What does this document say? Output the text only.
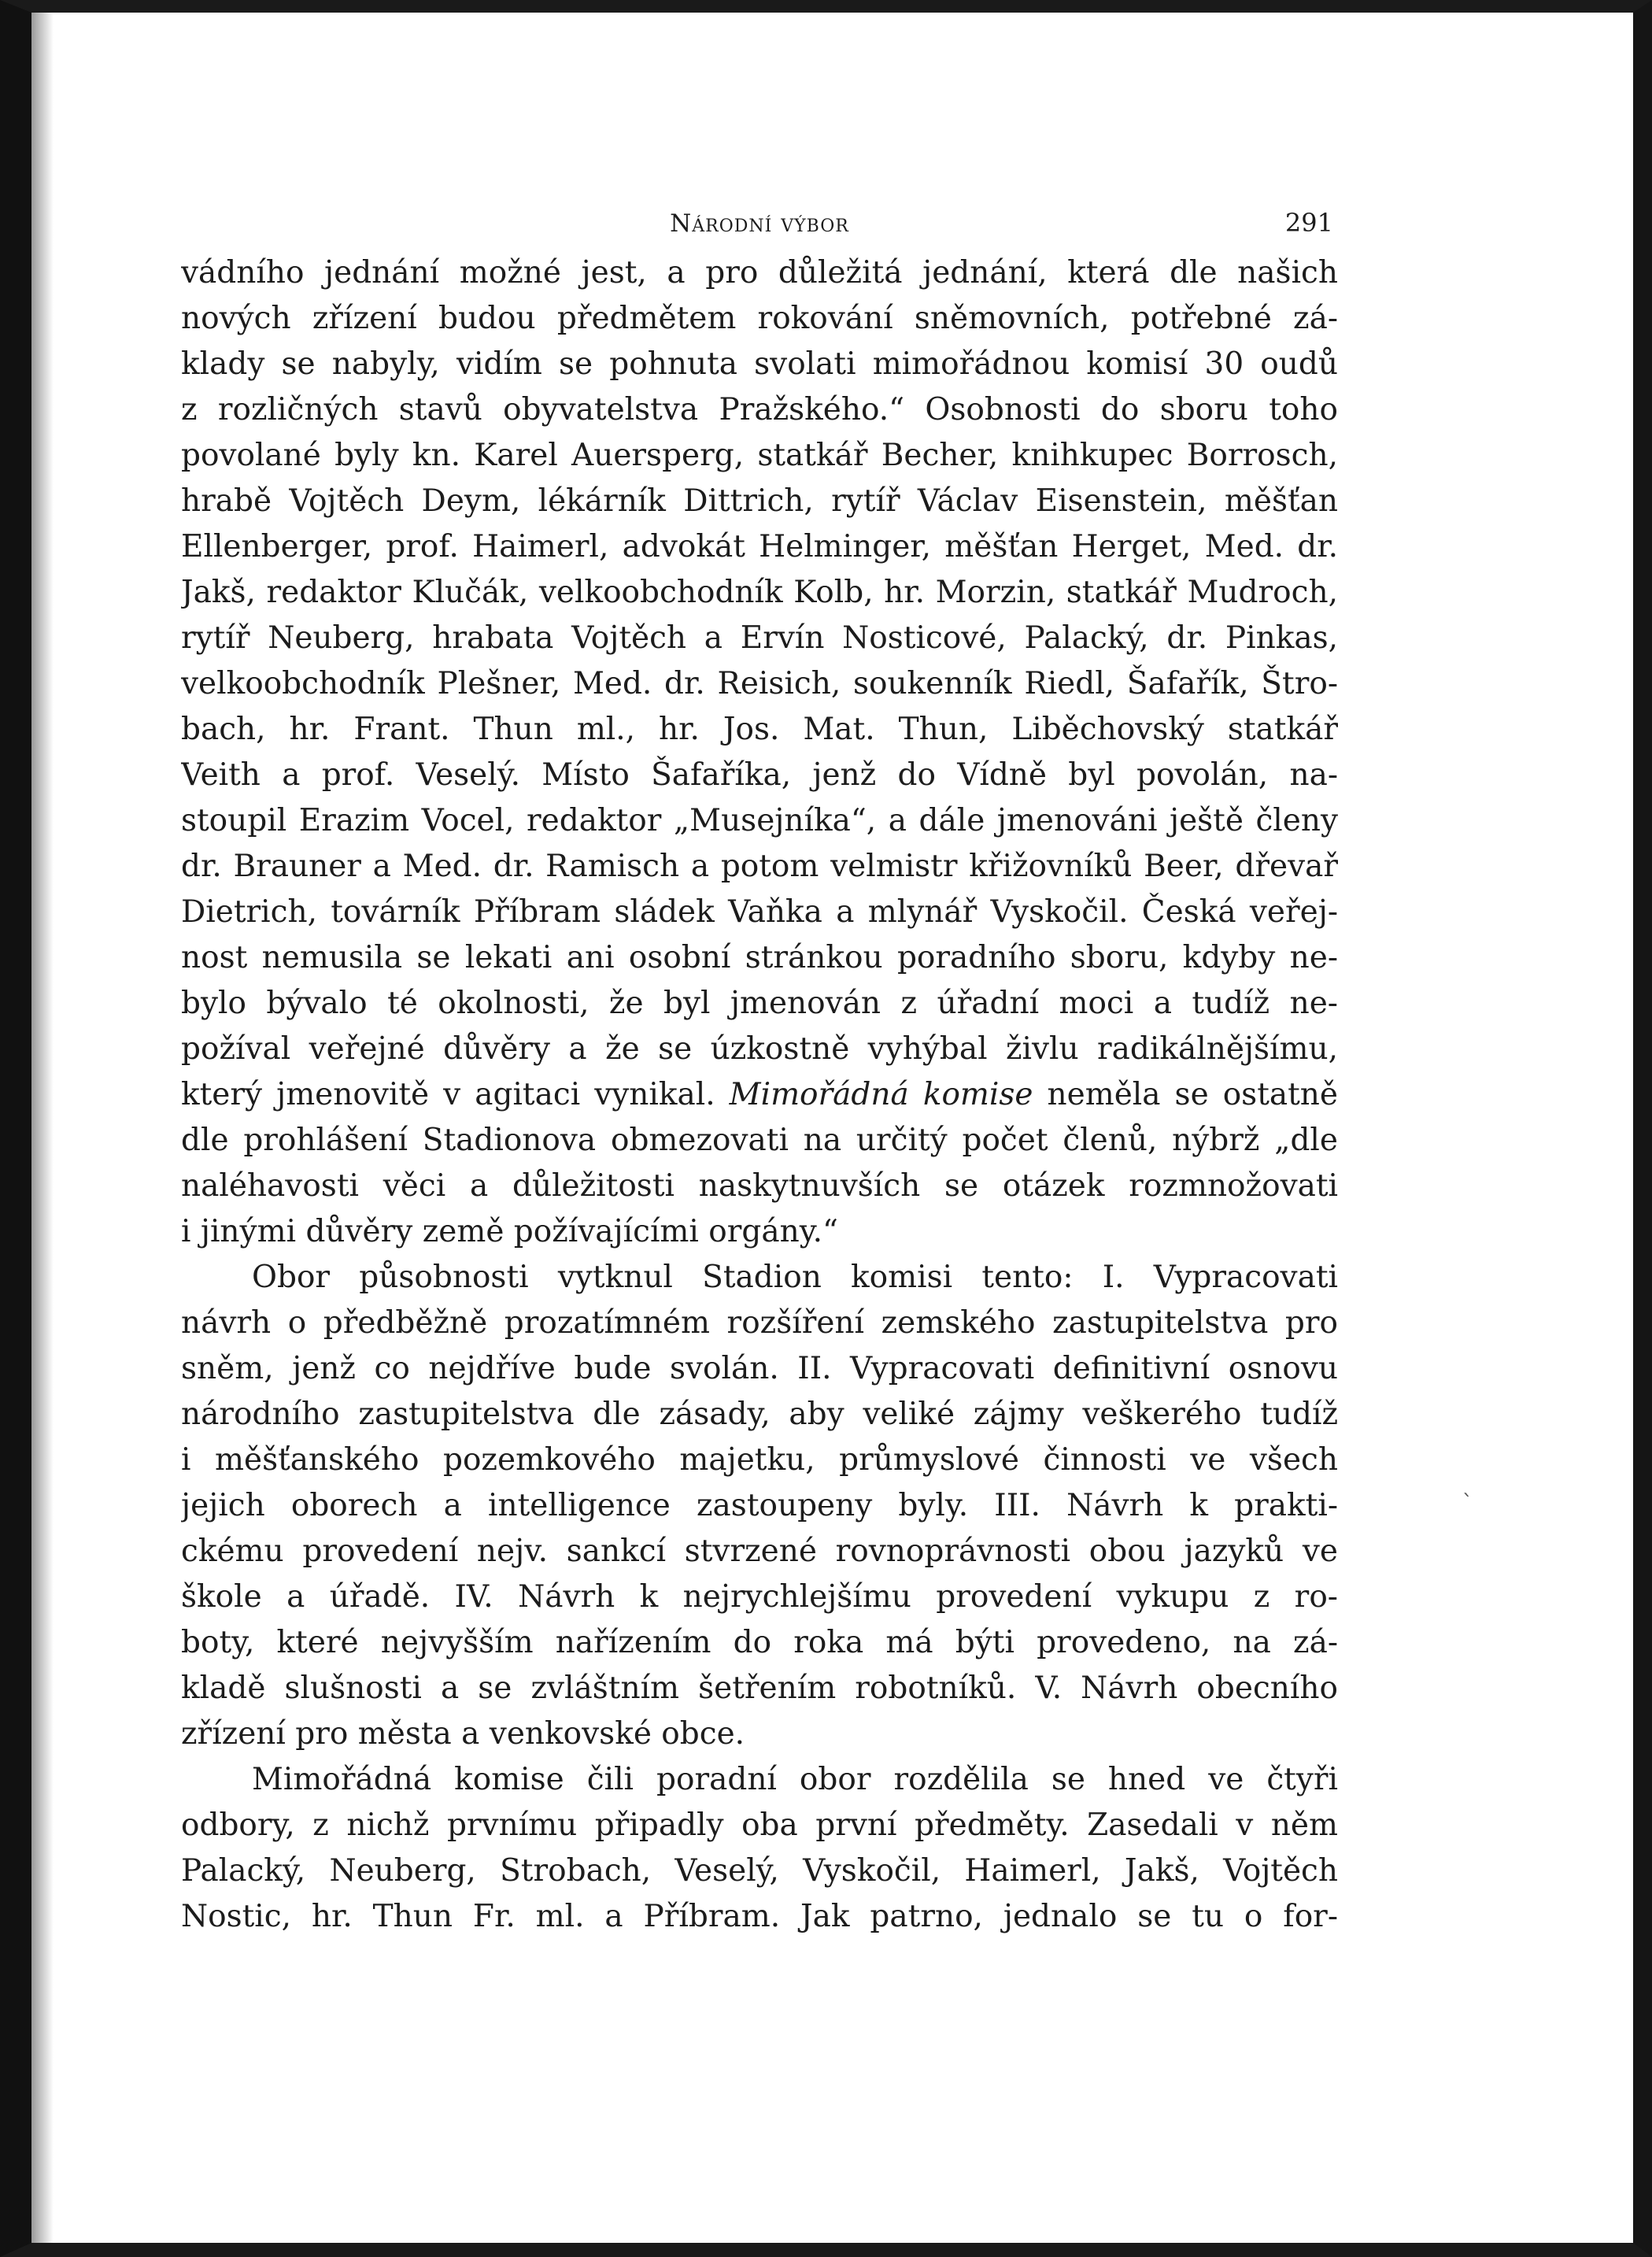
Národní výbor	291
vádního jednání možné jest, a pro důležitá jednání, která dle našich
nových zřízení budou předmětem rokování sněmovních, potřebné zá-
klady se nabyly, vidím se pohnuta svolati mimořádnou komisí 30 oudů
z rozličných stavů obyvatelstva Pražského.“ Osobnosti do sboru toho
povolané byly kn. Karel Auersperg, statkář Becher, knihkupec Borrosch,
hrabě Vojtěch Deym, lékárník Dittrich, rytíř Václav Eisenstein, měšťan
Ellenberger, prof. Haimerl, advokát Helminger, měšťan Herget, Med. dr.
Jakš, redaktor Klučák, velkoobchodník Kolb, hr. Morzin, statkář Mudroch,
rytíř Neuberg, hrabata Vojtěch a Ervín Nosticové, Palacký, dr. Pinkas,
velkoobchodník Plešner, Med. dr. Reisich, soukenník Riedl, Šafařík, Štro-
bach, hr. Frant. Thun ml., hr. Jos. Mat. Thun, Liběchovský statkář
Veith a prof. Veselý. Místo Šafaříka, jenž do Vídně byl povolán, na-
stoupil Erazim Vocel, redaktor „Musejníka“, a dále jmenováni ještě členy
dr. Brauner a Med. dr. Ramisch a potom velmistr křižovníků Beer, dřevař
Dietrich, továrník Příbram sládek Vaňka a mlynář Vyskočil. Česká veřej-
nost nemusila se lekati ani osobní stránkou poradního sboru, kdyby ne-
bylo bývalo té okolnosti, že byl jmenován z úřadní moci a tudíž ne-
požíval veřejné důvěry a že se úzkostně vyhýbal živlu radikálnějšímu,
který jmenovitě v agitaci vynikal. Mimořádná komise neměla se ostatně
dle prohlášení Stadionova obmezovati na určitý počet členů, nýbrž „dle
naléhavosti věci a důležitosti naskytnuvších se otázek rozmnožovati
i jinými důvěry země požívajícími orgány.“
Obor působnosti vytknul Stadion komisi tento: I. Vypracovati
návrh o předběžně prozatímném rozšíření zemského zastupitelstva pro
sněm, jenž co nejdříve bude svolán. II. Vypracovati definitivní osnovu
národního zastupitelstva dle zásady, aby veliké zájmy veškerého tudíž
i měšťanského pozemkového majetku, průmyslové činnosti ve všech
jejich oborech a intelligence zastoupeny byly. III. Návrh k prakti-
ckému provedení nejv. sankcí stvrzené rovnoprávnosti obou jazyků ve
škole a úřadě. IV. Návrh k nejrychlejšímu provedení vykupu z ro-
boty, které nejvyšším nařízením do roka má býti provedeno, na zá-
kladě slušnosti a se zvláštním šetřením robotníků. V. Návrh obecního
zřízení pro města a venkovské obce.
Mimořádná komise čili poradní obor rozdělila se hned ve čtyři
odbory, z nichž prvnímu připadly oba první předměty. Zasedali v něm
Palacký, Neuberg, Strobach, Veselý, Vyskočil, Haimerl, Jakš, Vojtěch
Nostic, hr. Thun Fr. ml. a Příbram. Jak patrno, jednalo se tu o for-
`
